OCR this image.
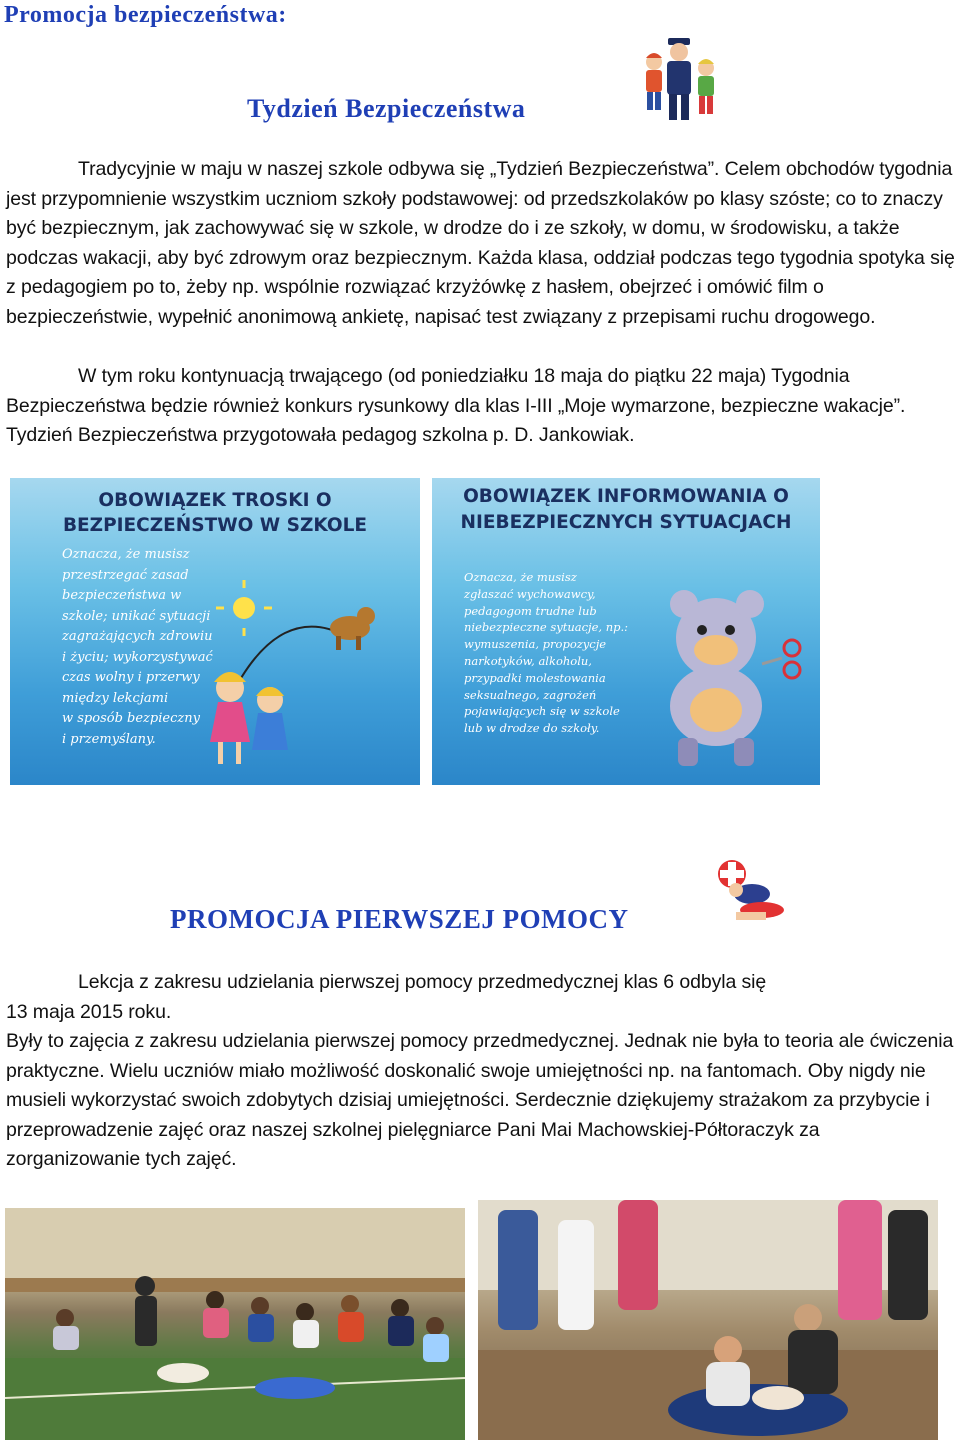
Promocja bezpieczeństwa:
Tydzień Bezpieczeństwa

Tradycyjnie w maju w naszej szkole odbywa się „Tydzień Bezpieczeństwa”. Celem obchodów tygodnia jest przypomnienie wszystkim uczniom szkoły podstawowej: od przedszkolaków po klasy szóste; co to znaczy być bezpiecznym, jak zachowywać się w szkole, w drodze do i ze szkoły, w domu, w środowisku, a także podczas wakacji, aby być zdrowym oraz bezpiecznym. Każda klasa, oddział podczas tego tygodnia spotyka się z pedagogiem po to, żeby np. wspólnie rozwiązać krzyżówkę z hasłem, obejrzeć i omówić film o bezpieczeństwie, wypełnić anonimową ankietę, napisać test związany z przepisami ruchu drogowego.

W tym roku kontynuacją trwającego (od poniedziałku 18 maja do piątku 22 maja) Tygodnia Bezpieczeństwa będzie również konkurs rysunkowy dla klas I-III „Moje wymarzone, bezpieczne wakacje”. Tydzień Bezpieczeństwa przygotowała pedagog szkolna p. D. Jankowiak.

OBOWIĄZEK TROSKI O BEZPIECZEŃSTWO W SZKOLE
Oznacza, że musisz
przestrzegać zasad
bezpieczeństwa w
szkole; unikać sytuacji
zagrażających zdrowiu
i życiu; wykorzystywać
czas wolny i przerwy
między lekcjami
w sposób bezpieczny
i przemyślany.
OBOWIĄZEK INFORMOWANIA O NIEBEZPIECZNYCH SYTUACJACH
Oznacza, że musisz
zgłaszać wychowawcy,
pedagogom trudne lub
niebezpieczne sytuacje, np.:
wymuszenia, propozycje
narkotyków, alkoholu,
przypadki molestowania
seksualnego, zagrożeń
pojawiających się w szkole
lub w drodze do szkoły.
PROMOCJA PIERWSZEJ POMOCY

Lekcja z zakresu udzielania pierwszej pomocy przedmedycznej klas 6 odbyla się
13 maja 2015 roku.
Były to zajęcia z zakresu udzielania pierwszej pomocy przedmedycznej. Jednak nie była to teoria ale ćwiczenia praktyczne. Wielu uczniów miało możliwość doskonalić swoje umiejętności np. na fantomach. Oby nigdy nie musieli wykorzystać swoich zdobytych dzisiaj umiejętności. Serdecznie dziękujemy strażakom za przybycie i przeprowadzenie zajęć oraz naszej szkolnej pielęgniarce Pani Mai Machowskiej-Półtoraczyk za zorganizowanie tych zajęć.
